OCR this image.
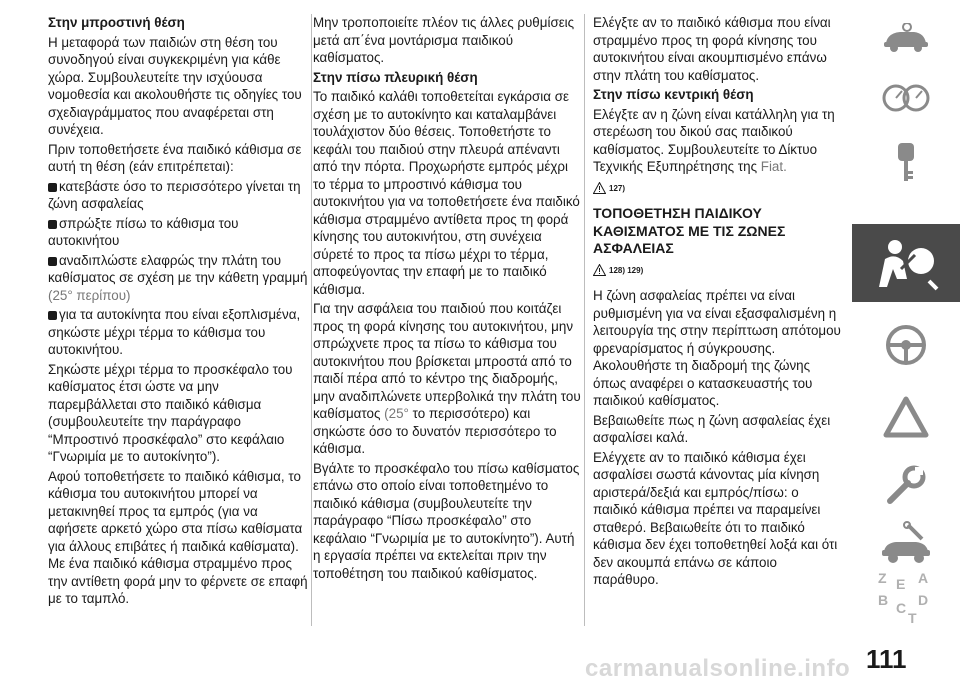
Στην μπροστινή θέση

Η μεταφορά των παιδιών στη θέση του συνοδηγού είναι συγκεκριμένη για κάθε χώρα. Συμβουλευτείτε την ισχύουσα νομοθεσία και ακολουθήστε τις οδηγίες του σχεδιαγράμματος που αναφέρεται στη συνέχεια.

Πριν τοποθετήσετε ένα παιδικό κάθισμα σε αυτή τη θέση (εάν επιτρέπεται):

κατεβάστε όσο το περισσότερο γίνεται τη ζώνη ασφαλείας

σπρώξτε πίσω το κάθισμα του αυτοκινήτου

αναδιπλώστε ελαφρώς την πλάτη του καθίσματος σε σχέση με την κάθετη γραμμή (25° περίπου)

για τα αυτοκίνητα που είναι εξοπλισμένα, σηκώστε μέχρι τέρμα το κάθισμα του αυτοκινήτου.

Σηκώστε μέχρι τέρμα το προσκέφαλο του καθίσματος έτσι ώστε να μην παρεμβάλλεται στο παιδικό κάθισμα (συμβουλευτείτε την παράγραφο “Μπροστινό προσκέφαλο” στο κεφάλαιο “Γνωριμία με το αυτοκίνητο”).

Αφού τοποθετήσετε το παιδικό κάθισμα, το κάθισμα του αυτοκινήτου μπορεί να μετακινηθεί προς τα εμπρός (για να αφήσετε αρκετό χώρο στα πίσω καθίσματα για άλλους επιβάτες ή παιδικά καθίσματα). Με ένα παιδικό κάθισμα στραμμένο προς την αντίθετη φορά μην το φέρνετε σε επαφή με το ταμπλό.

Μην τροποποιείτε πλέον τις άλλες ρυθμίσεις μετά απ΄ένα μοντάρισμα παιδικού καθίσματος.

Στην πίσω πλευρική θέση

Το παιδικό καλάθι τοποθετείται εγκάρσια σε σχέση με το αυτοκίνητο και καταλαμβάνει τουλάχιστον δύο θέσεις. Τοποθετήστε το κεφάλι του παιδιού στην πλευρά απέναντι από την πόρτα. Προχωρήστε εμπρός μέχρι το τέρμα το μπροστινό κάθισμα του αυτοκινήτου για να τοποθετήσετε ένα παιδικό κάθισμα στραμμένο αντίθετα προς τη φορά κίνησης του αυτοκινήτου, στη συνέχεια σύρετέ το προς τα πίσω μέχρι το τέρμα, αποφεύγοντας την επαφή με το παιδικό κάθισμα.

Για την ασφάλεια του παιδιού που κοιτάζει προς τη φορά κίνησης του αυτοκινήτου, μην σπρώχνετε προς τα πίσω το κάθισμα του αυτοκινήτου που βρίσκεται μπροστά από το παιδί πέρα από το κέντρο της διαδρομής, μην αναδιπλώνετε υπερβολικά την πλάτη του καθίσματος (25° το περισσότερο) και σηκώστε όσο το δυνατόν περισσότερο το κάθισμα.

Βγάλτε το προσκέφαλο του πίσω καθίσματος επάνω στο οποίο είναι τοποθετημένο το παιδικό κάθισμα (συμβουλευτείτε την παράγραφο “Πίσω προσκέφαλο” στο κεφάλαιο “Γνωριμία με το αυτοκίνητο”). Αυτή η εργασία πρέπει να εκτελείται πριν την τοποθέτηση του παιδικού καθίσματος.

Ελέγξτε αν το παιδικό κάθισμα που είναι στραμμένο προς τη φορά κίνησης του αυτοκινήτου είναι ακουμπισμένο επάνω στην πλάτη του καθίσματος.

Στην πίσω κεντρική θέση

Ελέγξτε αν η ζώνη είναι κατάλληλη για τη στερέωση του δικού σας παιδικού καθίσματος. Συμβουλευτείτε το Δίκτυο Τεχνικής Εξυπηρέτησης της Fiat.

127)

ΤΟΠΟΘΕΤΗΣΗ ΠΑΙΔΙΚΟΥ ΚΑΘΙΣΜΑΤΟΣ ΜΕ ΤΙΣ ΖΩΝΕΣ ΑΣΦΑΛΕΙΑΣ

128) 129)

Η ζώνη ασφαλείας πρέπει να είναι ρυθμισμένη για να είναι εξασφαλισμένη η λειτουργία της στην περίπτωση απότομου φρεναρίσματος ή σύγκρουσης. Ακολουθήστε τη διαδρομή της ζώνης όπως αναφέρει ο κατασκευαστής του παιδικού καθίσματος.

Βεβαιωθείτε πως η ζώνη ασφαλείας έχει ασφαλίσει καλά.

Ελέγχετε αν το παιδικό κάθισμα έχει ασφαλίσει σωστά κάνοντας μία κίνηση αριστερά/δεξιά και εμπρός/πίσω: ο παιδικό κάθισμα πρέπει να παραμείνει σταθερό. Βεβαιωθείτε ότι το παιδικό κάθισμα δεν έχει τοποθετηθεί λοξά και ότι δεν ακουμπά επάνω σε κάποιο παράθυρο.	Z E
B C D
A
T
carmanualsonline.info 111
